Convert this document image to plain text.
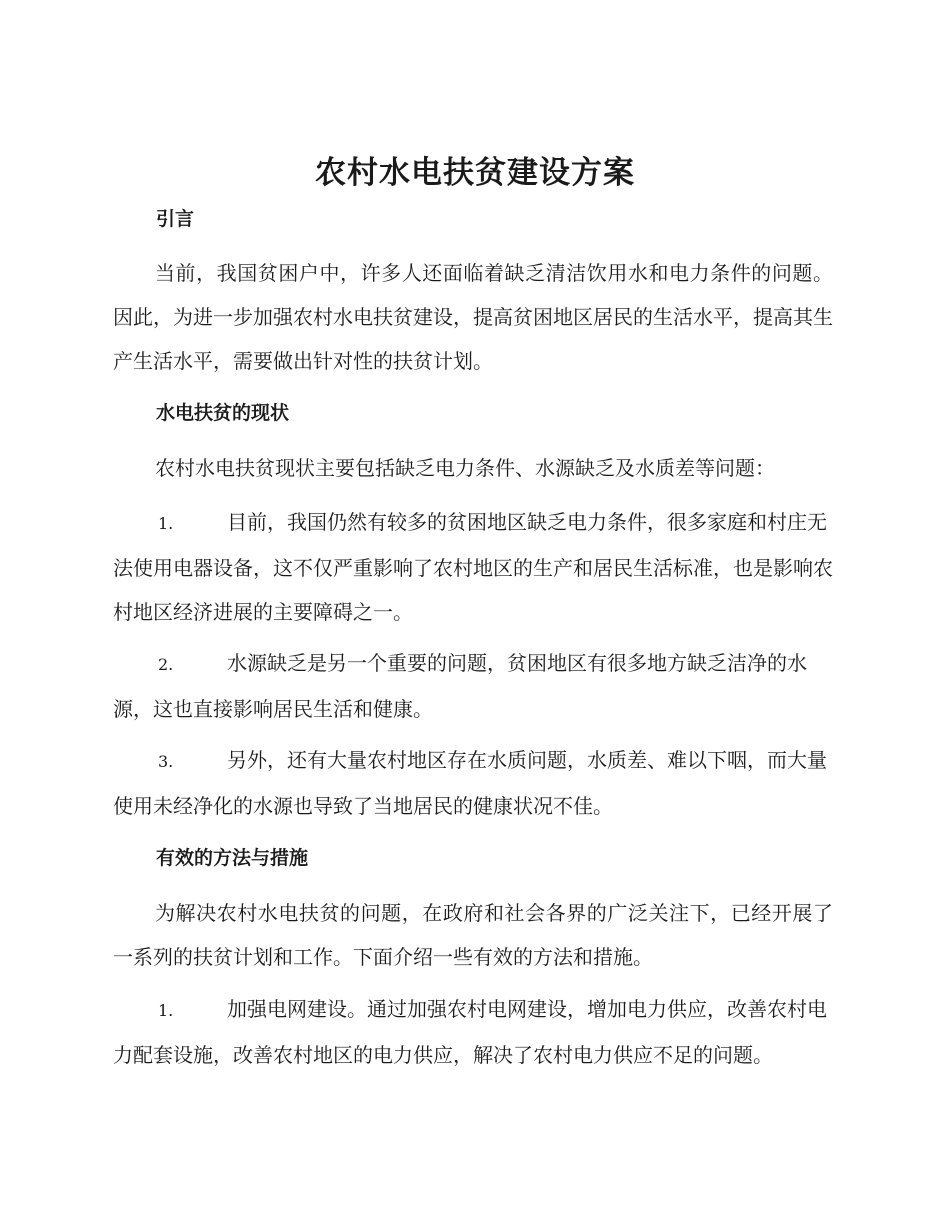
农村水电扶贫建设方案
引言

当前，我国贫困户中，许多人还面临着缺乏清洁饮用水和电力条件的问题。因此，为进一步加强农村水电扶贫建设，提高贫困地区居民的生活水平，提高其生产生活水平，需要做出针对性的扶贫计划。

水电扶贫的现状

农村水电扶贫现状主要包括缺乏电力条件、水源缺乏及水质差等问题：

1.	目前，我国仍然有较多的贫困地区缺乏电力条件，很多家庭和村庄无法使用电器设备，这不仅严重影响了农村地区的生产和居民生活标准，也是影响农村地区经济进展的主要障碍之一。

2.	水源缺乏是另一个重要的问题，贫困地区有很多地方缺乏洁净的水源，这也直接影响居民生活和健康。

3.	另外，还有大量农村地区存在水质问题，水质差、难以下咽，而大量使用未经净化的水源也导致了当地居民的健康状况不佳。

有效的方法与措施

为解决农村水电扶贫的问题，在政府和社会各界的广泛关注下，已经开展了一系列的扶贫计划和工作。下面介绍一些有效的方法和措施。

1.	加强电网建设。通过加强农村电网建设，增加电力供应，改善农村电力配套设施，改善农村地区的电力供应，解决了农村电力供应不足的问题。
